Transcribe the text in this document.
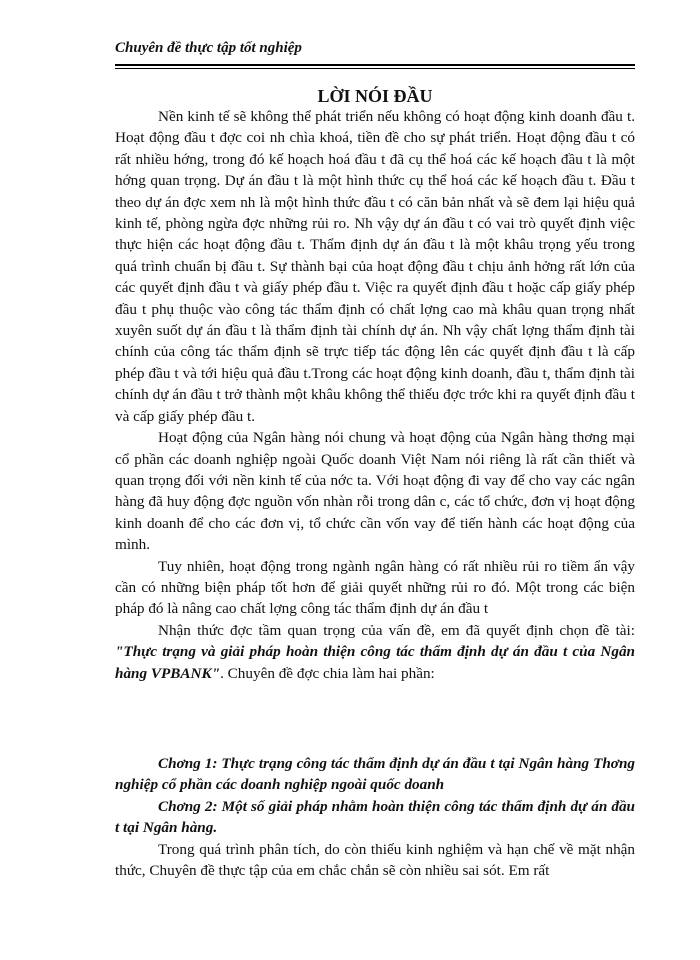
Chuyên đề thực tập tốt nghiệp
LỜI NÓI ĐẦU

Nền kinh tế sẽ không thể phát triển nếu không có hoạt động kinh doanh đầu t. Hoạt động đầu t đợc coi nh chìa khoá, tiền đề cho sự phát triển. Hoạt động đầu t có rất nhiều hớng, trong đó kế hoạch hoá đầu t đã cụ thể hoá các kế hoạch đầu t là một hớng quan trọng. Dự án đầu t là một hình thức cụ thể hoá các kế hoạch đầu t. Đầu t theo dự án đợc xem nh là một hình thức đầu t có căn bản nhất và sẽ đem lại hiệu quả kinh tế, phòng ngừa đợc những rủi ro. Nh vậy dự án đầu t có vai trò quyết định việc thực hiện các hoạt động đầu t. Thẩm định dự án đầu t là một khâu trọng yếu trong quá trình chuẩn bị đầu t. Sự thành bại của hoạt động đầu t chịu ảnh hởng rất lớn của các quyết định đầu t và giấy phép đầu t. Việc ra quyết định đầu t hoặc cấp giấy phép đầu t phụ thuộc vào công tác thẩm định có chất lợng cao mà khâu quan trọng nhất xuyên suốt dự án đầu t là thẩm định tài chính dự án. Nh vậy chất lợng thẩm định tài chính của công tác thẩm định sẽ trực tiếp tác động lên các quyết định đầu t là cấp phép đầu t và tới hiệu quả đầu t.Trong các hoạt động kinh doanh, đầu t, thẩm định tài chính dự án đầu t trở thành một khâu không thể thiếu đợc trớc khi ra quyết định đầu t và cấp giấy phép đầu t.

Hoạt động của Ngân hàng nói chung và hoạt động của Ngân hàng thơng mại cổ phần các doanh nghiệp ngoài Quốc doanh Việt Nam nói riêng là rất cần thiết và quan trọng đối với nền kinh tế của nớc ta. Với hoạt động đi vay để cho vay các ngân hàng đã huy động đợc nguồn vốn nhàn rỗi trong dân c, các tổ chức, đơn vị hoạt động kinh doanh để cho các đơn vị, tổ chức cần vốn vay để tiến hành các hoạt động của mình.

Tuy nhiên, hoạt động trong ngành ngân hàng có rất nhiều rủi ro tiềm ẩn vậy cần có những biện pháp tốt hơn để giải quyết những rủi ro đó. Một trong các biện pháp đó là nâng cao chất lợng công tác thẩm định dự án đầu t

Nhận thức đợc tầm quan trọng của vấn đề, em đã quyết định chọn đề tài: "Thực trạng và giải pháp hoàn thiện công tác thẩm định dự án đầu t của Ngân hàng VPBANK". Chuyên đề đợc chia làm hai phần:

Chơng 1: Thực trạng công tác thẩm định dự án đầu t tại Ngân hàng Thơng nghiệp cổ phần các doanh nghiệp ngoài quốc doanh

Chơng 2: Một số giải pháp nhằm hoàn thiện công tác thẩm định dự án đầu t tại Ngân hàng.

Trong quá trình phân tích, do còn thiếu kinh nghiệm và hạn chế về mặt nhận thức, Chuyên đề thực tập của em chắc chắn sẽ còn nhiều sai sót. Em rất
